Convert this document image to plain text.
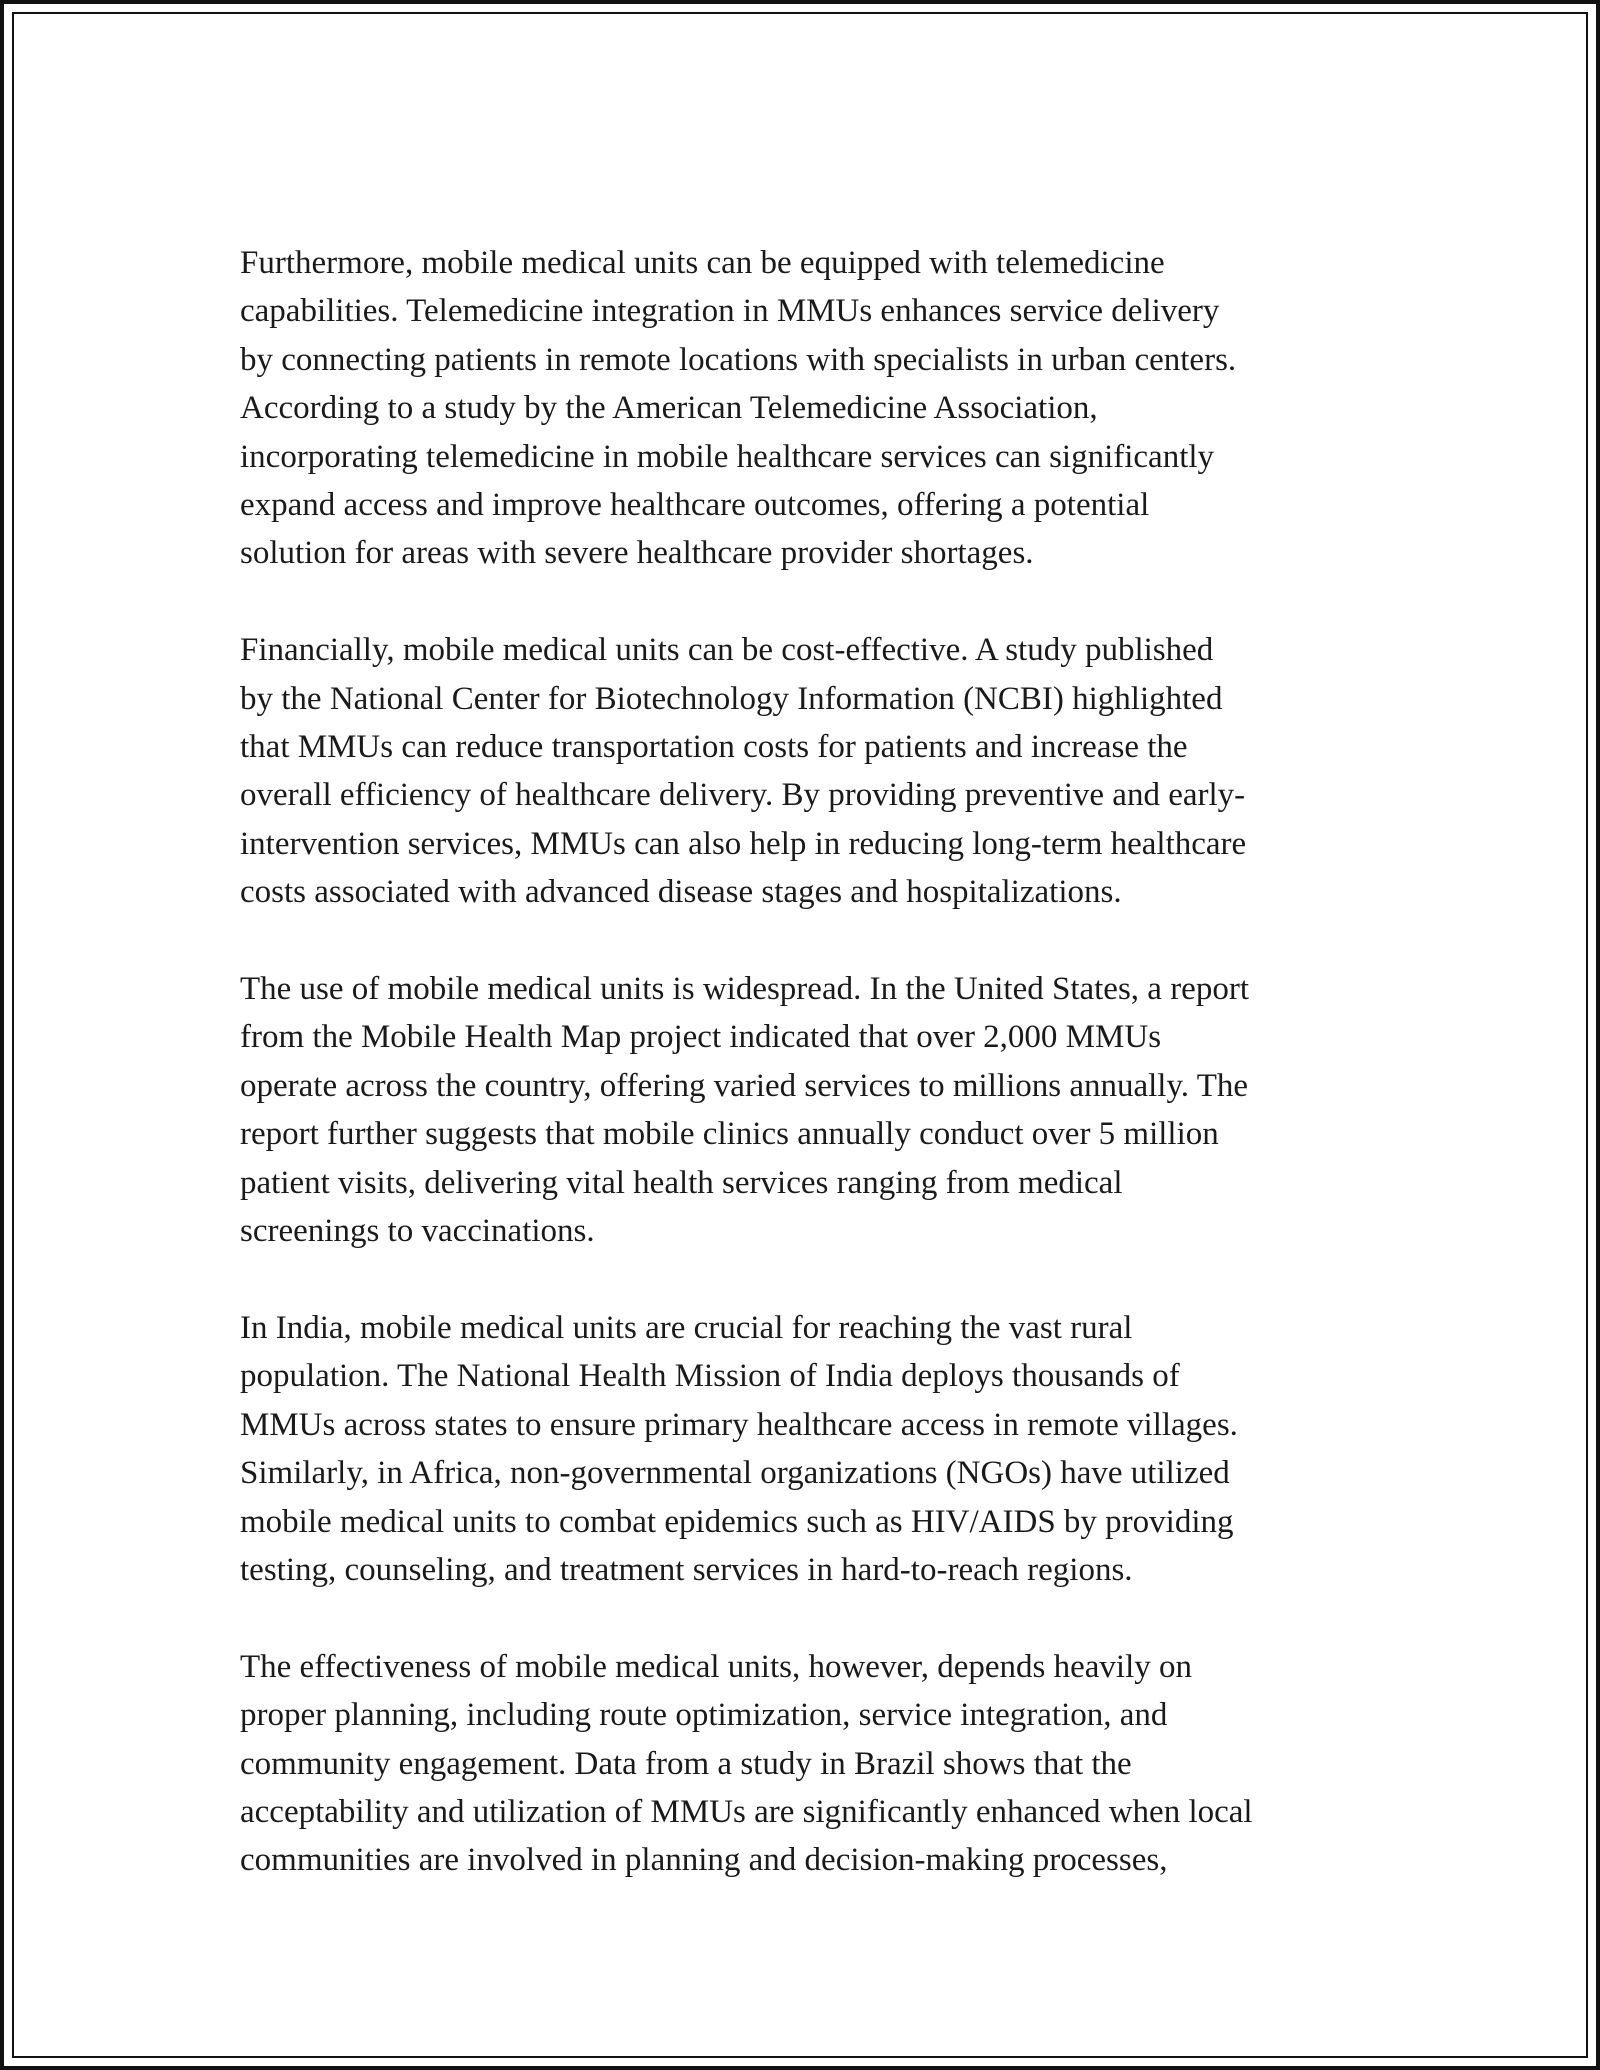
Furthermore, mobile medical units can be equipped with telemedicine
capabilities. Telemedicine integration in MMUs enhances service delivery
by connecting patients in remote locations with specialists in urban centers.
According to a study by the American Telemedicine Association,
incorporating telemedicine in mobile healthcare services can significantly
expand access and improve healthcare outcomes, offering a potential
solution for areas with severe healthcare provider shortages.

Financially, mobile medical units can be cost-effective. A study published
by the National Center for Biotechnology Information (NCBI) highlighted
that MMUs can reduce transportation costs for patients and increase the
overall efficiency of healthcare delivery. By providing preventive and early-
intervention services, MMUs can also help in reducing long-term healthcare
costs associated with advanced disease stages and hospitalizations.

The use of mobile medical units is widespread. In the United States, a report
from the Mobile Health Map project indicated that over 2,000 MMUs
operate across the country, offering varied services to millions annually. The
report further suggests that mobile clinics annually conduct over 5 million
patient visits, delivering vital health services ranging from medical
screenings to vaccinations.

In India, mobile medical units are crucial for reaching the vast rural
population. The National Health Mission of India deploys thousands of
MMUs across states to ensure primary healthcare access in remote villages.
Similarly, in Africa, non-governmental organizations (NGOs) have utilized
mobile medical units to combat epidemics such as HIV/AIDS by providing
testing, counseling, and treatment services in hard-to-reach regions.

The effectiveness of mobile medical units, however, depends heavily on
proper planning, including route optimization, service integration, and
community engagement. Data from a study in Brazil shows that the
acceptability and utilization of MMUs are significantly enhanced when local
communities are involved in planning and decision-making processes,
